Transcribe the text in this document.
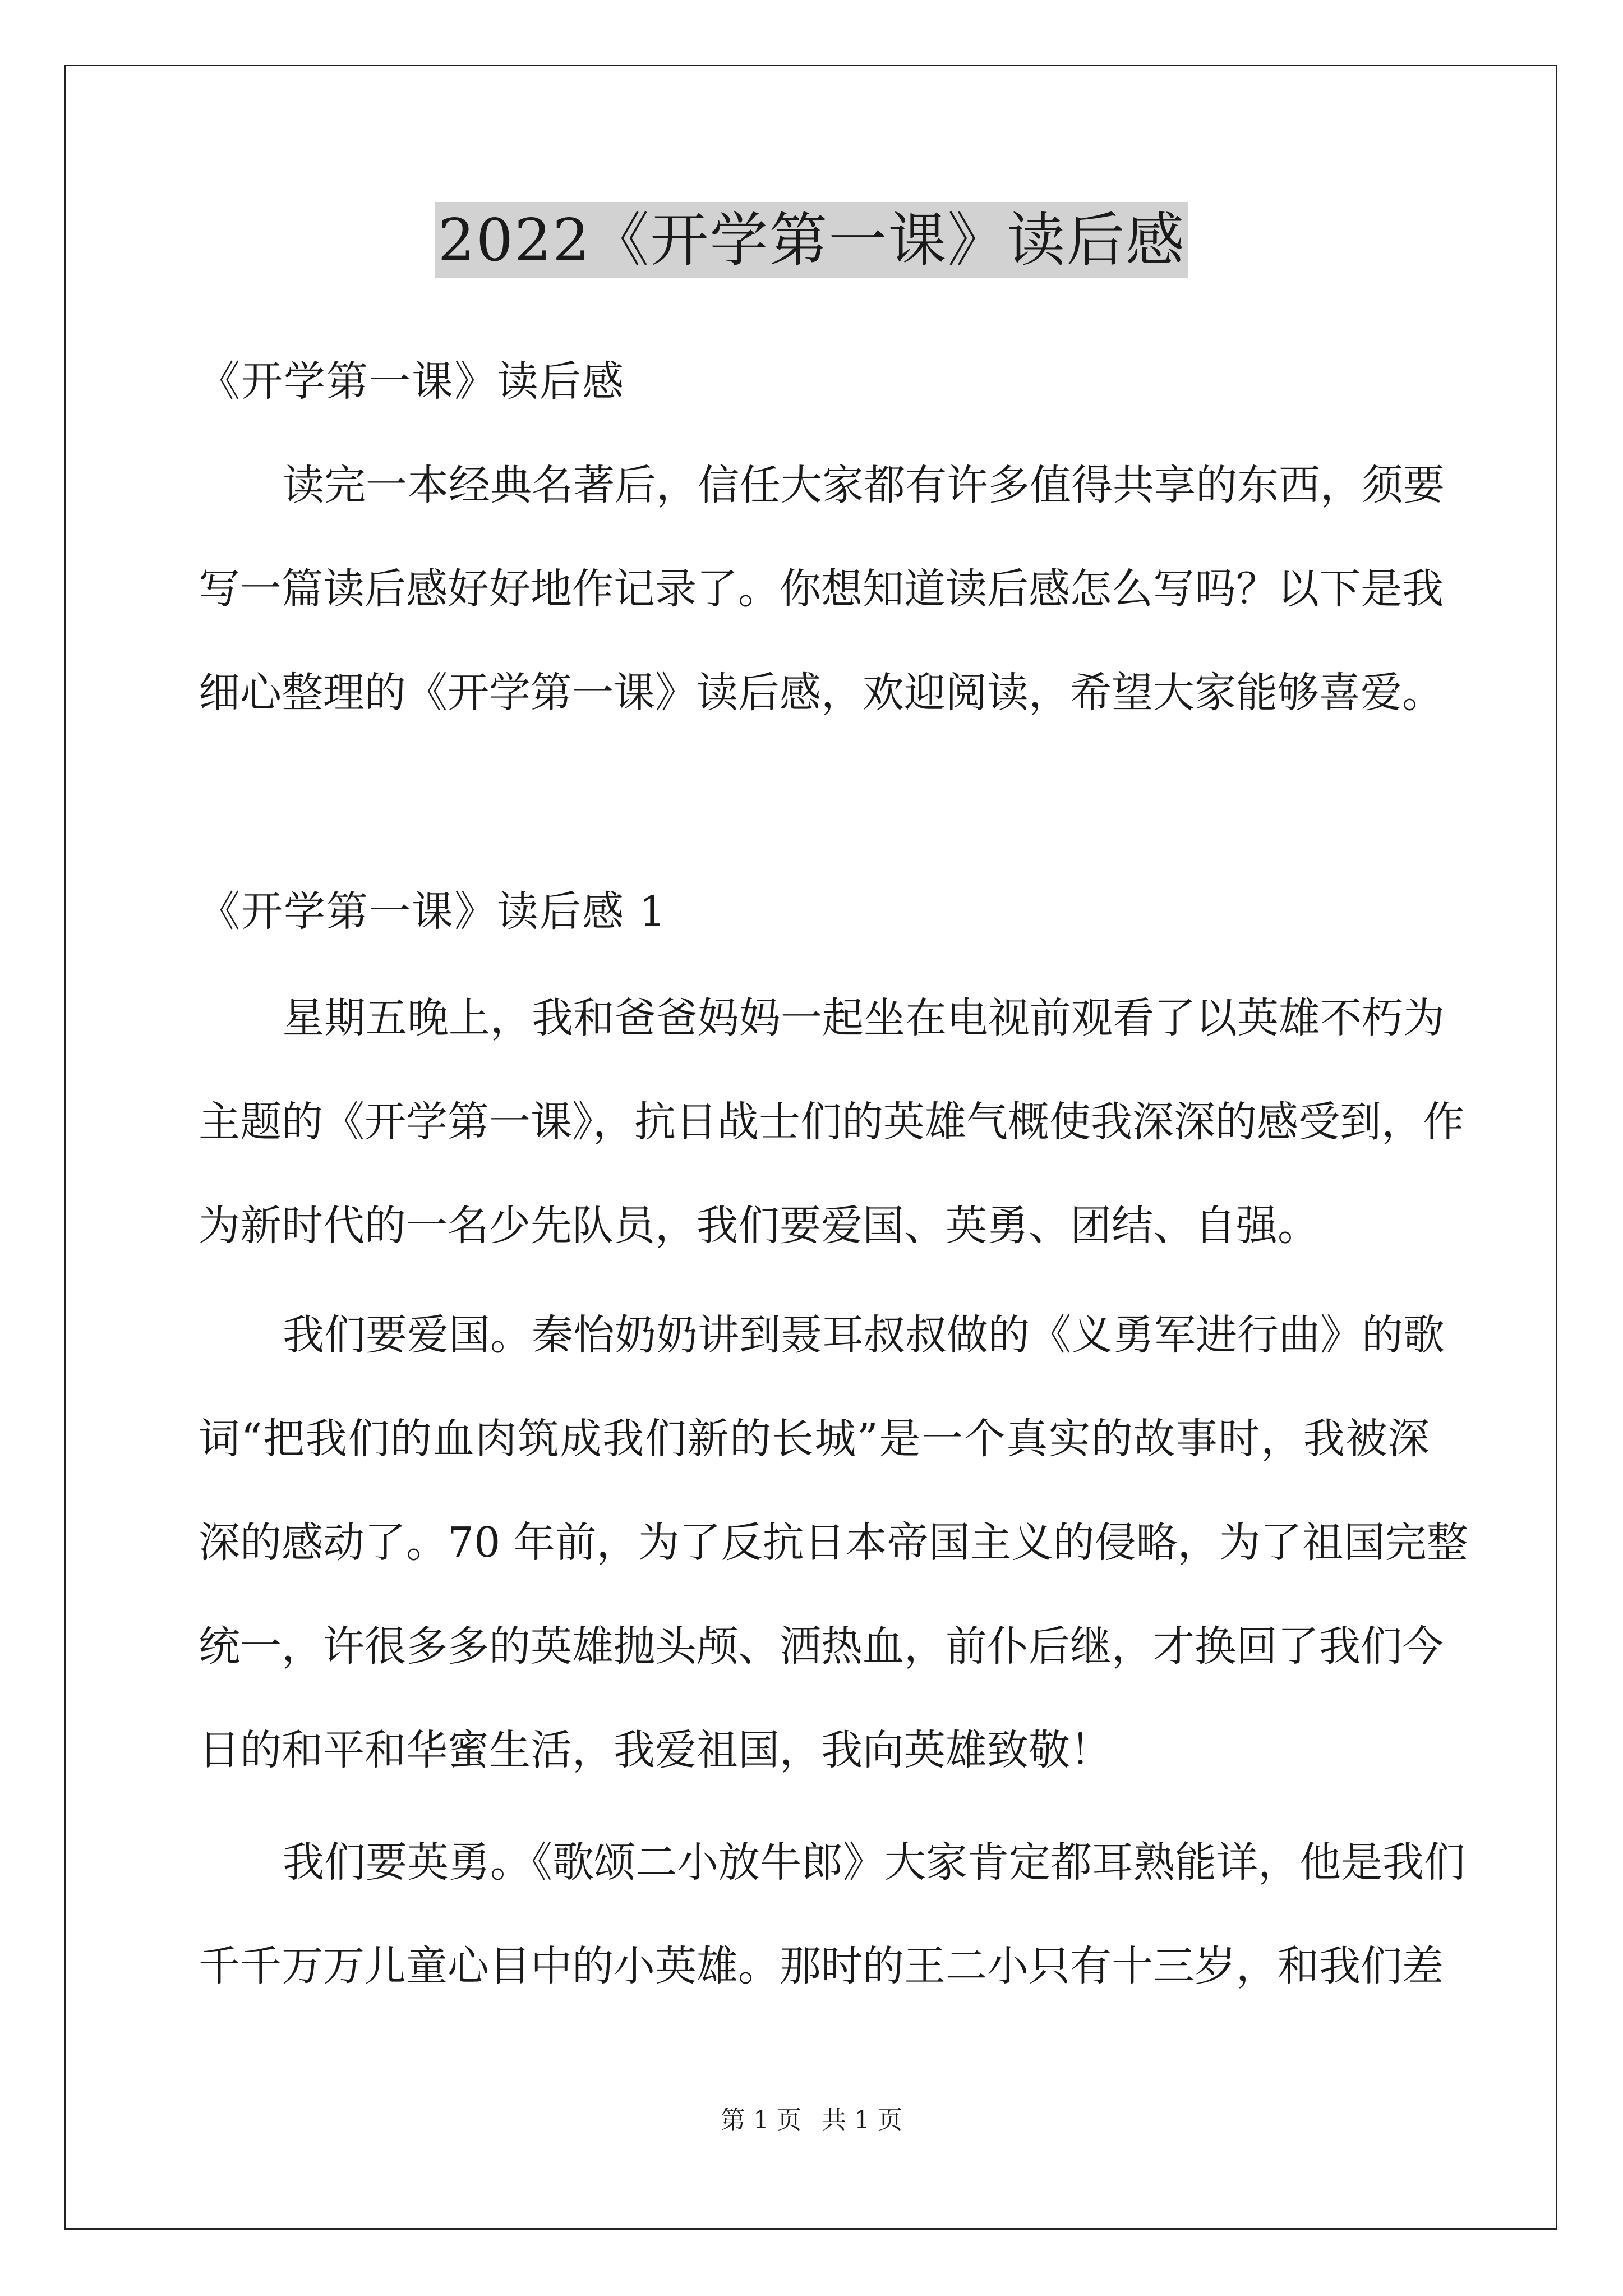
2022《开学第一课》读后感
《开学第一课》读后感
读完一本经典名著后，信任大家都有许多值得共享的东西，须要
写一篇读后感好好地作记录了。你想知道读后感怎么写吗？以下是我
细心整理的《开学第一课》读后感，欢迎阅读，希望大家能够喜爱。
《开学第一课》读后感 1
星期五晚上，我和爸爸妈妈一起坐在电视前观看了以英雄不朽为
主题的《开学第一课》，抗日战士们的英雄气概使我深深的感受到，作
为新时代的一名少先队员，我们要爱国、英勇、团结、自强。
我们要爱国。秦怡奶奶讲到聂耳叔叔做的《义勇军进行曲》的歌
词“把我们的血肉筑成我们新的长城”是一个真实的故事时，我被深
深的感动了。70 年前，为了反抗日本帝国主义的侵略，为了祖国完整
统一，许很多多的英雄抛头颅、洒热血，前仆后继，才换回了我们今
日的和平和华蜜生活，我爱祖国，我向英雄致敬！
我们要英勇。《歌颂二小放牛郎》大家肯定都耳熟能详，他是我们
千千万万儿童心目中的小英雄。那时的王二小只有十三岁，和我们差
第 1 页 共 1 页
